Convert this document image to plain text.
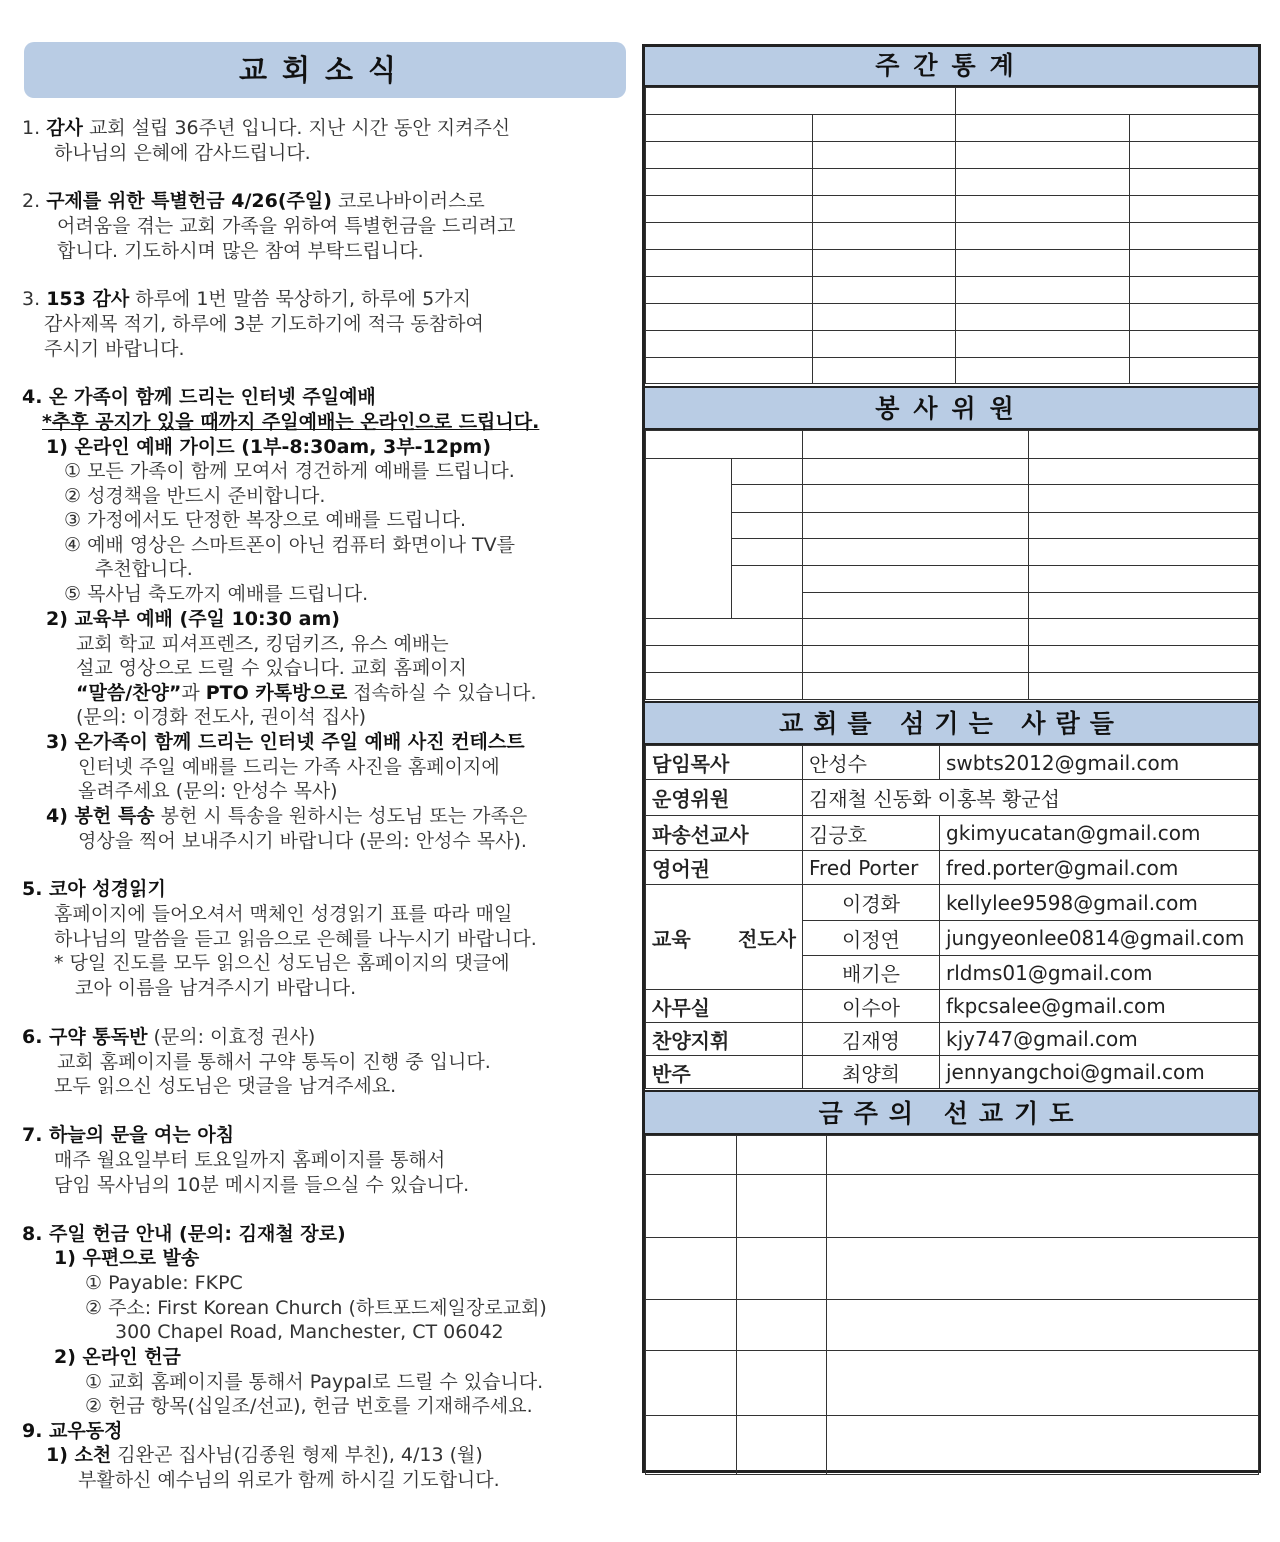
교회소식
1. 감사 교회 설립 36주년 입니다. 지난 시간 동안 지켜주신
하나님의 은혜에 감사드립니다.
2. 구제를 위한 특별헌금 4/26(주일) 코로나바이러스로
어려움을 겪는 교회 가족을 위하여 특별헌금을 드리려고
합니다. 기도하시며 많은 참여 부탁드립니다.
3. 153 감사 하루에 1번 말씀 묵상하기, 하루에 5가지
감사제목 적기, 하루에 3분 기도하기에 적극 동참하여
주시기 바랍니다.
4. 온 가족이 함께 드리는 인터넷 주일예배
*추후 공지가 있을 때까지 주일예배는 온라인으로 드립니다.
1) 온라인 예배 가이드 (1부-8:30am, 3부-12pm)
① 모든 가족이 함께 모여서 경건하게 예배를 드립니다.
② 성경책을 반드시 준비합니다.
③ 가정에서도 단정한 복장으로 예배를 드립니다.
④ 예배 영상은 스마트폰이 아닌 컴퓨터 화면이나 TV를
추천합니다.
⑤ 목사님 축도까지 예배를 드립니다.
2) 교육부 예배 (주일 10:30 am)
교회 학교 피셔프렌즈, 킹덤키즈, 유스 예배는
설교 영상으로 드릴 수 있습니다. 교회 홈페이지
“말씀/찬양”과 PTO 카톡방으로 접속하실 수 있습니다.
(문의: 이경화 전도사, 권이석 집사)
3) 온가족이 함께 드리는 인터넷 주일 예배 사진 컨테스트
인터넷 주일 예배를 드리는 가족 사진을 홈페이지에
올려주세요 (문의: 안성수 목사)
4) 봉헌 특송 봉헌 시 특송을 원하시는 성도님 또는 가족은
영상을 찍어 보내주시기 바랍니다 (문의: 안성수 목사).
5. 코아 성경읽기
홈페이지에 들어오셔서 맥체인 성경읽기 표를 따라 매일
하나님의 말씀을 듣고 읽음으로 은혜를 나누시기 바랍니다.
* 당일 진도를 모두 읽으신 성도님은 홈페이지의 댓글에
코아 이름을 남겨주시기 바랍니다.
6. 구약 통독반 (문의: 이효정 권사)
교회 홈페이지를 통해서 구약 통독이 진행 중 입니다.
모두 읽으신 성도님은 댓글을 남겨주세요.
7. 하늘의 문을 여는 아침
매주 월요일부터 토요일까지 홈페이지를 통해서
담임 목사님의 10분 메시지를 들으실 수 있습니다.
8. 주일 헌금 안내 (문의: 김재철 장로)
1) 우편으로 발송
① Payable: FKPC
② 주소: First Korean Church (하트포드제일장로교회)
300 Chapel Road, Manchester, CT 06042
2) 온라인 헌금
① 교회 홈페이지를 통해서 Paypal로 드릴 수 있습니다.
② 헌금 항목(십일조/선교), 헌금 번호를 기재해주세요.
9. 교우동정
1) 소천 김완곤 집사님(김종원 형제 부친), 4/13 (월)
부활하신 예수님의 위로가 함께 하시길 기도합니다.
주간통계

봉사위원

교회를 섬기는 사람들
담임목사	안성수	swbts2012@gmail.com
운영위원	김재철 신동화 이홍복 황군섭	
파송선교사	김긍호	gkimyucatan@gmail.com
영어권	Fred Porter	fred.porter@gmail.com
교육 전도사	이경화	kellylee9598@gmail.com
	이정연	jungyeonlee0814@gmail.com
	배기은	rldms01@gmail.com
사무실	이수아	fkpcsalee@gmail.com
찬양지휘	김재영	kjy747@gmail.com
반주	최양희	jennyangchoi@gmail.com
금주의 선교기도
